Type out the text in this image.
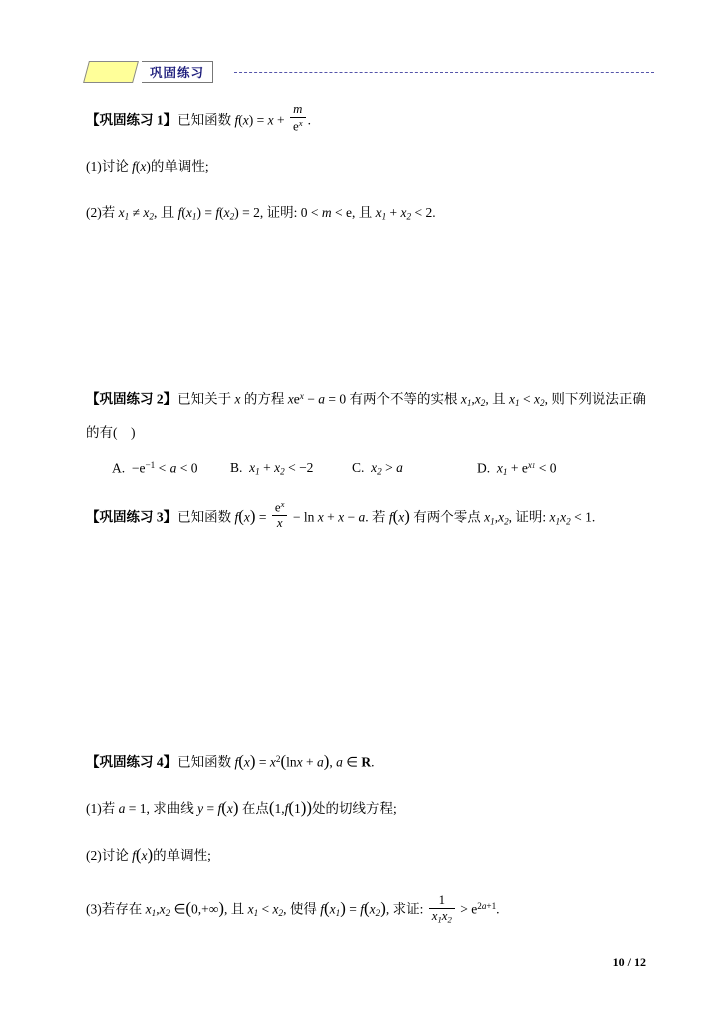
巩固练习

【巩固练习 1】已知函数 $f(x) = x + \frac{m}{e^x}$ .

(1)讨论 f(x)的单调性;

(2)若 $x_1 \ne x_2$, 且 $f(x_1) = f(x_2) = 2$, 证明: 0 < m < e, 且 $x_1 + x_2 < 2$.

【巩固练习 2】已知关于 x 的方程 $xe^x - a = 0$ 有两个不等的实根 $x_1,x_2$, 且 $x_1 < x_2$, 则下列说法正确的有(　)

A. $-e^{-1} < a < 0$	B. $x_1 + x_2 < -2$	C. $x_2 > a$	D. $x_1 + e^{x1} < 0$

【巩固练习 3】已知函数 $f(x) = \frac{e^x}{x} - \ln x + x - a$. 若 f(x) 有两个零点 $x_1,x_2$, 证明: $x_1x_2 < 1$.

【巩固练习 4】已知函数 $f(x) = x^2(\ln x + a)$, a ∈ R.

(1)若 a = 1, 求曲线 y = f(x) 在点(1,f(1))处的切线方程;

(2)讨论 f(x)的单调性;

(3)若存在 $x_1,x_2$ ∈(0,+∞), 且 $x_1 < x_2$, 使得 $f(x_1) = f(x_2)$, 求证: $\frac{1}{x_1x_2} > e^{2a+1}$.

10 / 12
